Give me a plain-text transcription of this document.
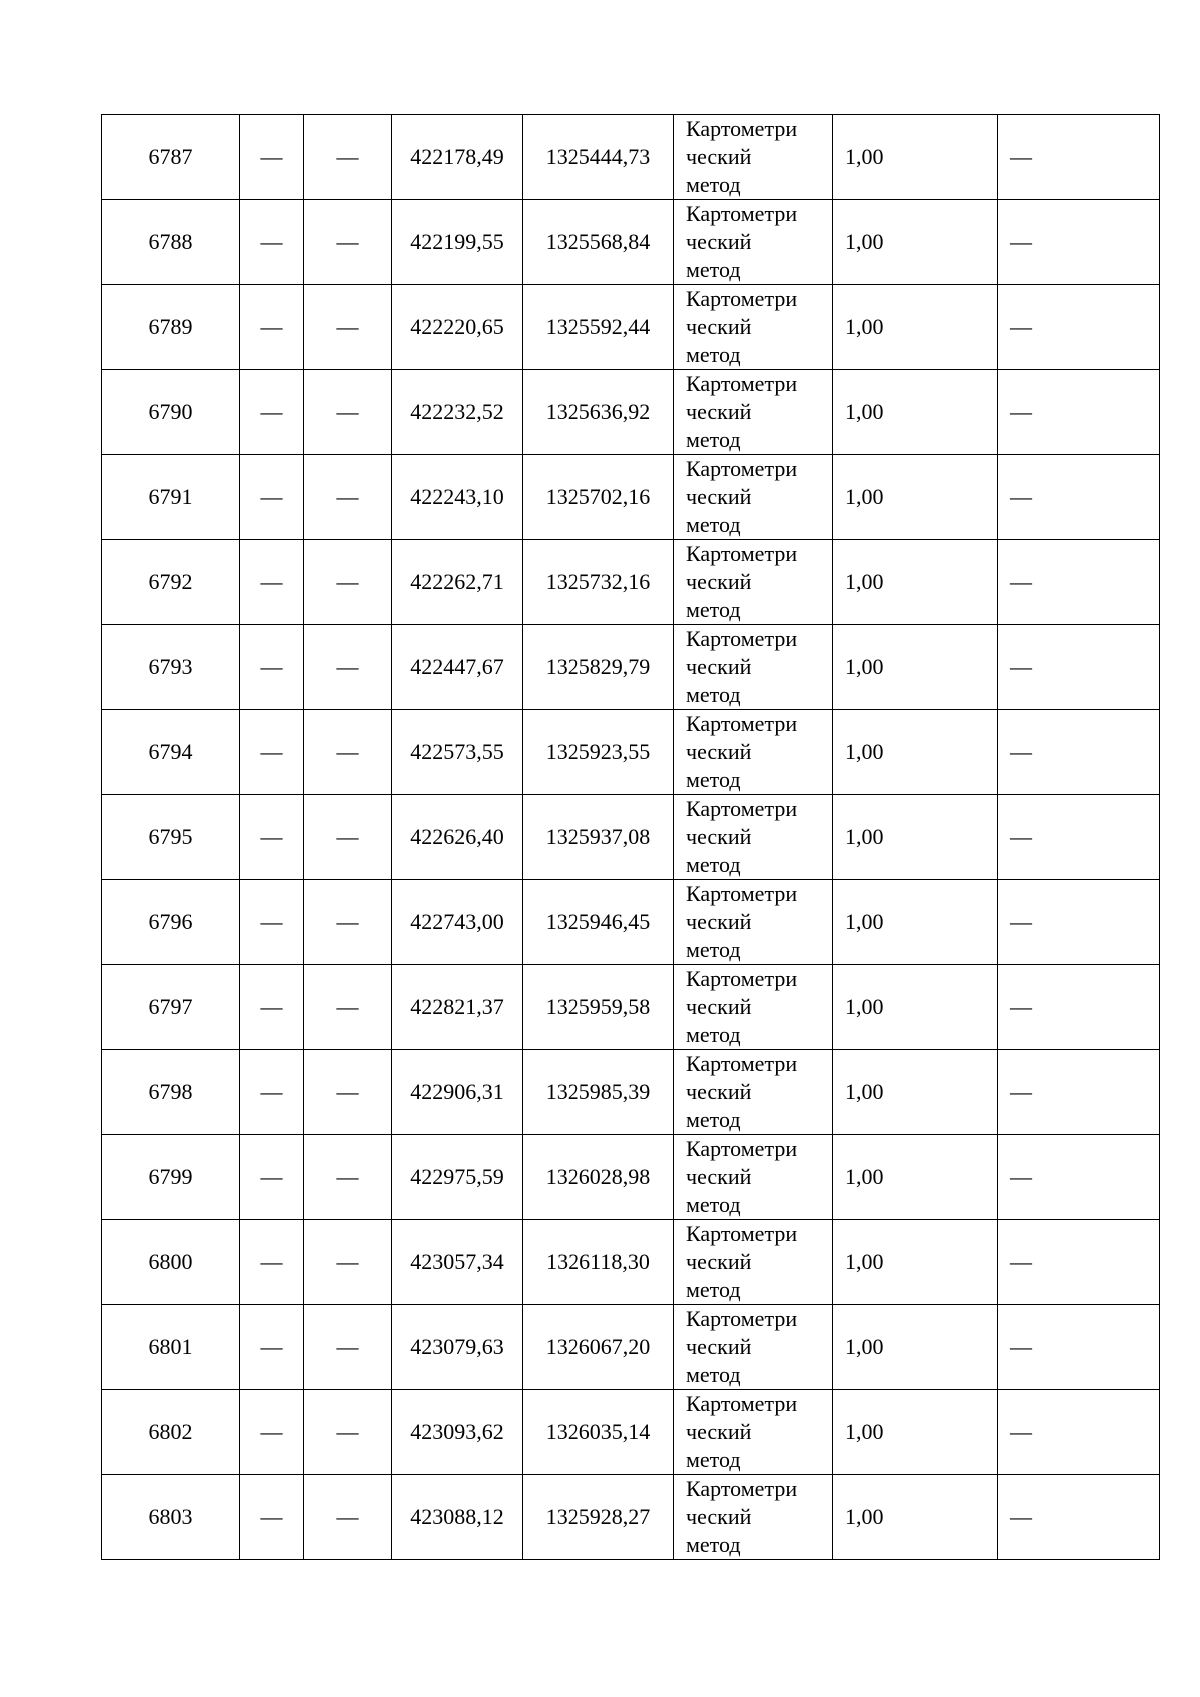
6787	—	—	422178,49	1325444,73	Картометри
ческий
метод	1,00	—
6788	—	—	422199,55	1325568,84	Картометри
ческий
метод	1,00	—
6789	—	—	422220,65	1325592,44	Картометри
ческий
метод	1,00	—
6790	—	—	422232,52	1325636,92	Картометри
ческий
метод	1,00	—
6791	—	—	422243,10	1325702,16	Картометри
ческий
метод	1,00	—
6792	—	—	422262,71	1325732,16	Картометри
ческий
метод	1,00	—
6793	—	—	422447,67	1325829,79	Картометри
ческий
метод	1,00	—
6794	—	—	422573,55	1325923,55	Картометри
ческий
метод	1,00	—
6795	—	—	422626,40	1325937,08	Картометри
ческий
метод	1,00	—
6796	—	—	422743,00	1325946,45	Картометри
ческий
метод	1,00	—
6797	—	—	422821,37	1325959,58	Картометри
ческий
метод	1,00	—
6798	—	—	422906,31	1325985,39	Картометри
ческий
метод	1,00	—
6799	—	—	422975,59	1326028,98	Картометри
ческий
метод	1,00	—
6800	—	—	423057,34	1326118,30	Картометри
ческий
метод	1,00	—
6801	—	—	423079,63	1326067,20	Картометри
ческий
метод	1,00	—
6802	—	—	423093,62	1326035,14	Картометри
ческий
метод	1,00	—
6803	—	—	423088,12	1325928,27	Картометри
ческий
метод	1,00	—
